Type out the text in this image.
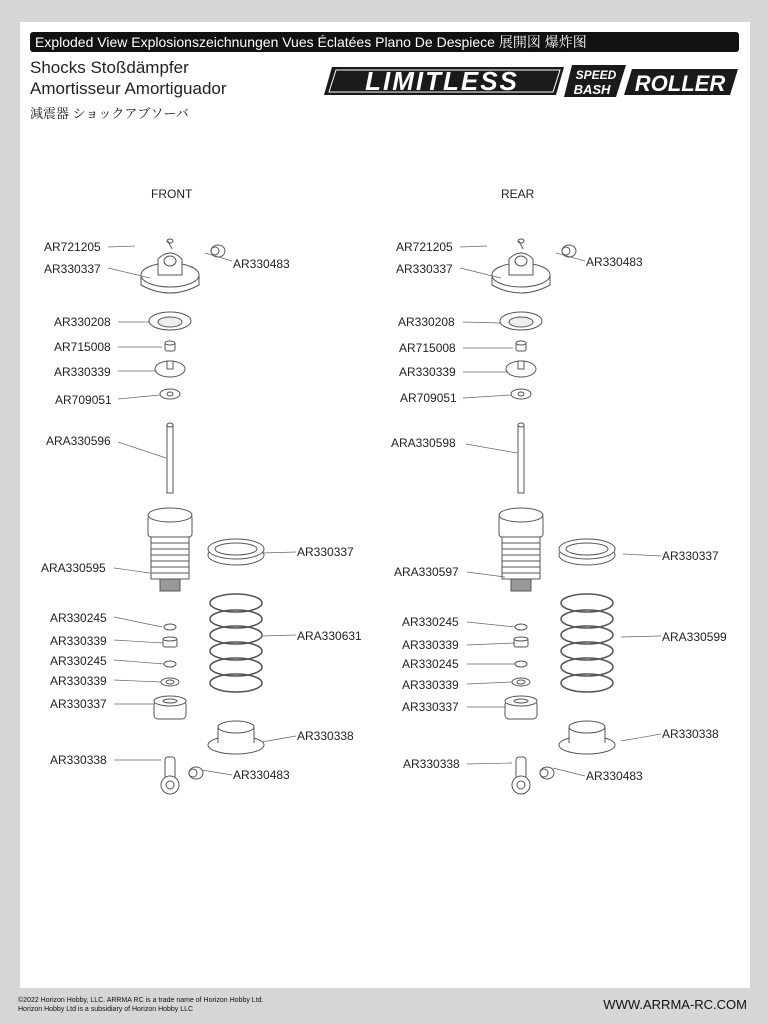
Exploded View Explosionszeichnungen Vues Éclatées Plano De Despiece 展開図 爆炸图
Shocks Stoßdämpfer
Amortisseur Amortiguador
減震器 ショックアブソーバ
LIMITLESS	SPEED
BASH ROLLER
FRONT	REAR
AR721205
AR330337	AR330483
AR330208
AR715008
AR330339
AR709051
ARA330596
ARA330595
AR330337
AR330245
AR330339
AR330245
AR330339
ARA330631
AR330337
AR330338
AR330338
AR330483
AR721205
AR330337	AR330483
AR330208
AR715008
AR330339
AR709051
ARA330598
ARA330597
AR330337
AR330245
AR330339
AR330245
AR330339
ARA330599
AR330337
AR330338
AR330338
AR330483
©2022 Horizon Hobby, LLC. ARRMA RC is a trade name of Horizon Hobby Ltd.
Horizon Hobby Ltd is a subsidiary of Horizon Hobby LLC	WWW.ARRMA-RC.COM
